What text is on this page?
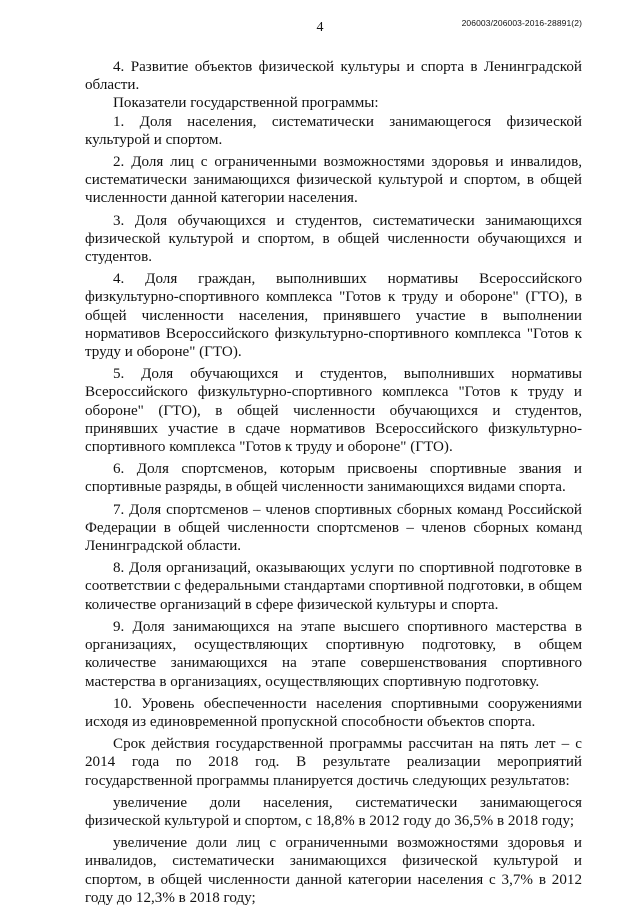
4	206003/206003-2016-28891(2)

4. Развитие объектов физической культуры и спорта в Ленинградской области.

Показатели государственной программы:

1. Доля населения, систематически занимающегося физической культурой и спортом.

2. Доля лиц с ограниченными возможностями здоровья и инвалидов, систематически занимающихся физической культурой и спортом, в общей численности данной категории населения.

3. Доля обучающихся и студентов, систематически занимающихся физической культурой и спортом, в общей численности обучающихся и студентов.

4. Доля граждан, выполнивших нормативы Всероссийского физкультурно-спортивного комплекса "Готов к труду и обороне" (ГТО), в общей численности населения, принявшего участие в выполнении нормативов Всероссийского физкультурно-спортивного комплекса "Готов к труду и обороне" (ГТО).

5. Доля обучающихся и студентов, выполнивших нормативы Всероссийского физкультурно-спортивного комплекса "Готов к труду и обороне" (ГТО), в общей численности обучающихся и студентов, принявших участие в сдаче нормативов Всероссийского физкультурно-спортивного комплекса "Готов к труду и обороне" (ГТО).

6. Доля спортсменов, которым присвоены спортивные звания и спортивные разряды, в общей численности занимающихся видами спорта.

7. Доля спортсменов – членов спортивных сборных команд Российской Федерации в общей численности спортсменов – членов сборных команд Ленинградской области.

8. Доля организаций, оказывающих услуги по спортивной подготовке в соответствии с федеральными стандартами спортивной подготовки, в общем количестве организаций в сфере физической культуры и спорта.

9. Доля занимающихся на этапе высшего спортивного мастерства в организациях, осуществляющих спортивную подготовку, в общем количестве занимающихся на этапе совершенствования спортивного мастерства в организациях, осуществляющих спортивную подготовку.

10. Уровень обеспеченности населения спортивными сооружениями исходя из единовременной пропускной способности объектов спорта.

Срок действия государственной программы рассчитан на пять лет – с 2014 года по 2018 год. В результате реализации мероприятий государственной программы планируется достичь следующих результатов:

увеличение доли населения, систематически занимающегося физической культурой и спортом, с 18,8% в 2012 году до 36,5% в 2018 году;

увеличение доли лиц с ограниченными возможностями здоровья и инвалидов, систематически занимающихся физической культурой и спортом, в общей численности данной категории населения с 3,7% в 2012 году до 12,3% в 2018 году;
